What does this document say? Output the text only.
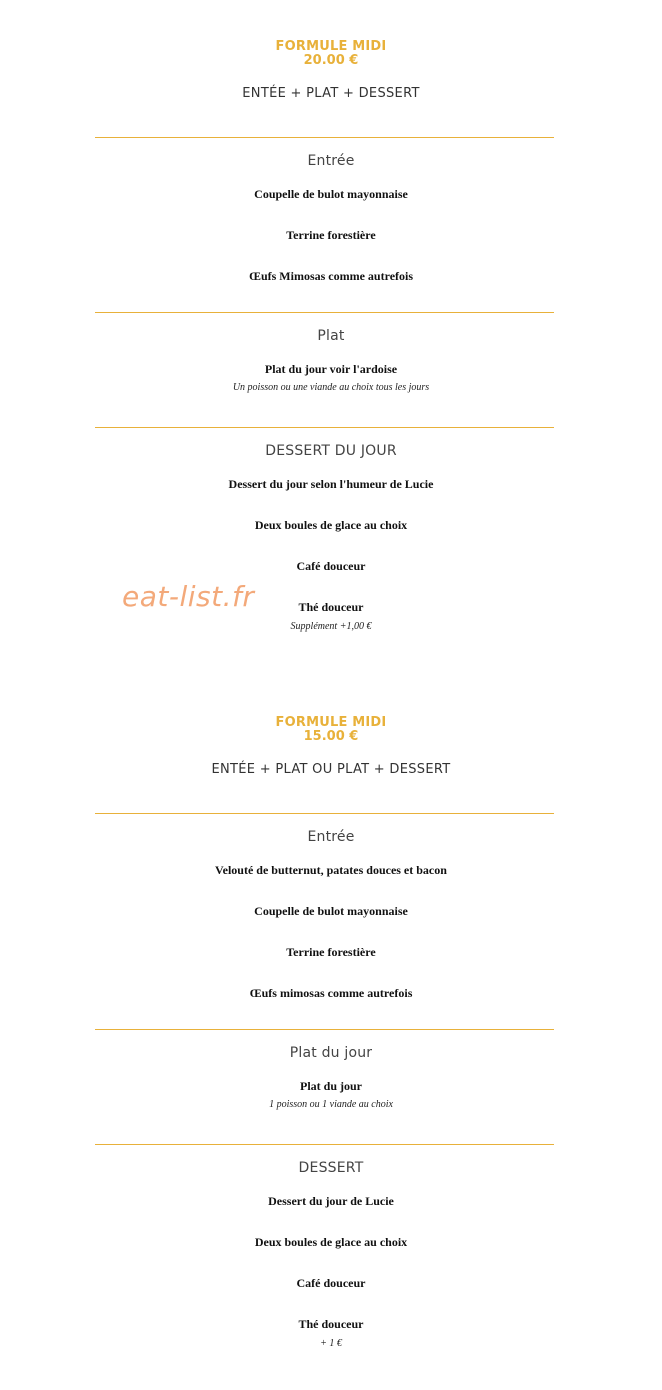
FORMULE MIDI
20.00 €
ENTÉE + PLAT + DESSERT
Entrée
Coupelle de bulot mayonnaise
Terrine forestière
Œufs Mimosas comme autrefois
Plat
Plat du jour voir l'ardoise
Un poisson ou une viande au choix tous les jours
DESSERT DU JOUR
Dessert du jour selon l'humeur de Lucie
Deux boules de glace au choix
Café douceur
Thé douceur
Supplément +1,00 €
eat-list.fr
FORMULE MIDI
15.00 €
ENTÉE + PLAT OU PLAT + DESSERT
Entrée
Velouté de butternut, patates douces et bacon
Coupelle de bulot mayonnaise
Terrine forestière
Œufs mimosas comme autrefois
Plat du jour
Plat du jour
1 poisson ou 1 viande au choix
DESSERT
Dessert du jour de Lucie
Deux boules de glace au choix
Café douceur
Thé douceur
+ 1 €
